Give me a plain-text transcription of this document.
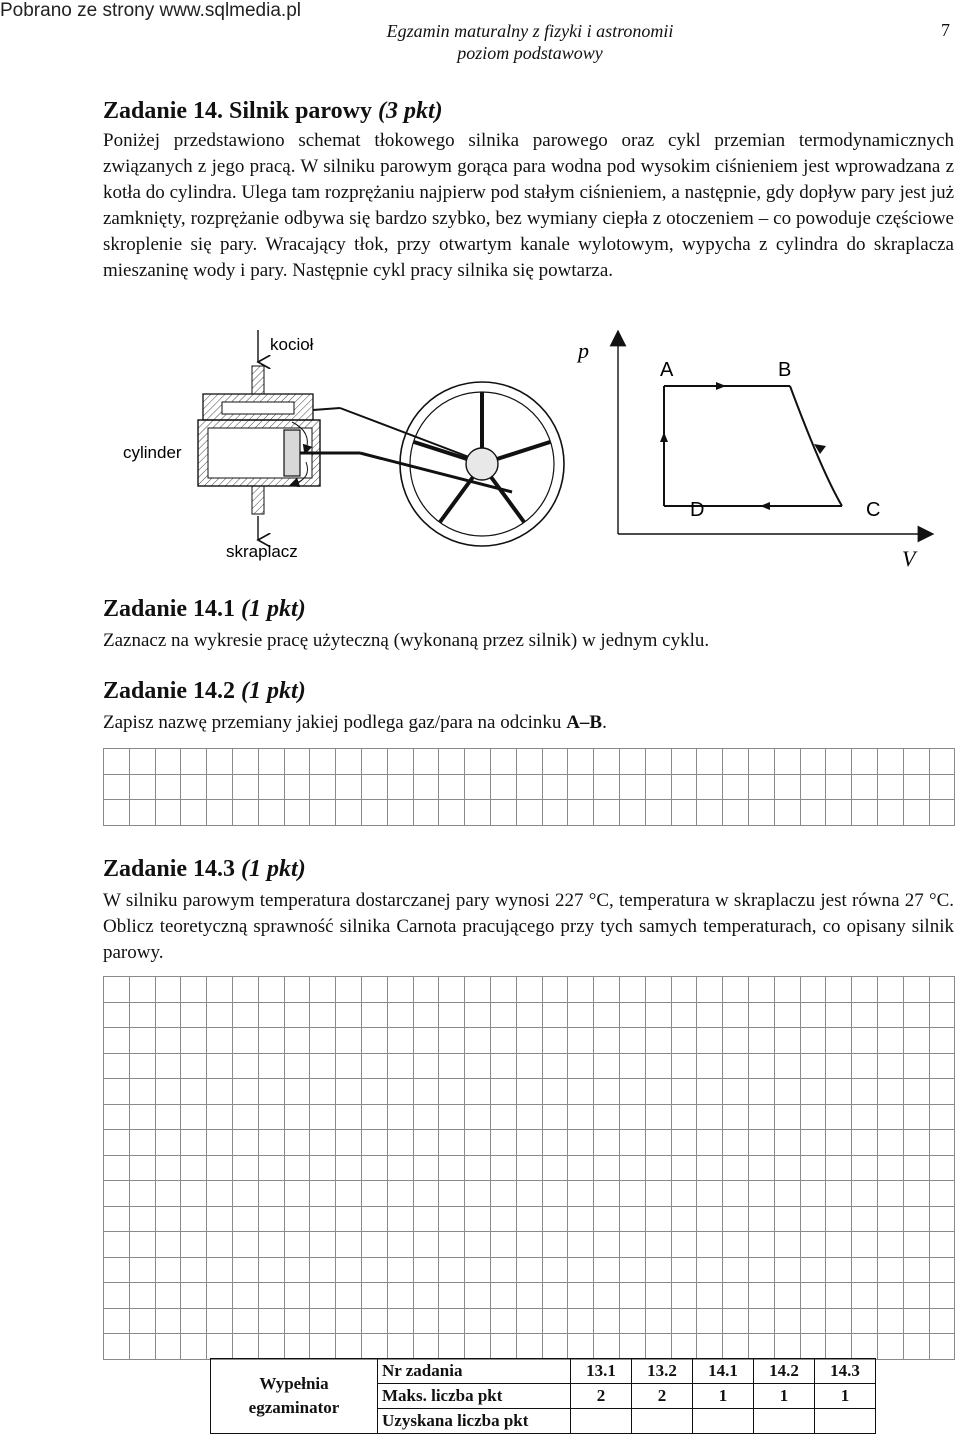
Pobrano ze strony www.sqlmedia.pl
Egzamin maturalny z fizyki i astronomii
poziom podstawowy
7
Zadanie 14. Silnik parowy (3 pkt)

Poniżej przedstawiono schemat tłokowego silnika parowego oraz cykl przemian termodynamicznych związanych z jego pracą. W silniku parowym gorąca para wodna pod wysokim ciśnieniem jest wprowadzana z kotła do cylindra. Ulega tam rozprężaniu najpierw pod stałym ciśnieniem, a następnie, gdy dopływ pary jest już zamknięty, rozprężanie odbywa się bardzo szybko, bez wymiany ciepła z otoczeniem – co powoduje częściowe skroplenie się pary. Wracający tłok, przy otwartym kanale wylotowym, wypycha z cylindra do skraplacza mieszaninę wody i pary. Następnie cykl pracy silnika się powtarza.

kocioł
skraplacz
cylinder
p
V
A	B
C
D
Zadanie 14.1 (1 pkt)

Zaznacz na wykresie pracę użyteczną (wykonaną przez silnik) w jednym cyklu.

Zadanie 14.2 (1 pkt)

Zapisz nazwę przemiany jakiej podlega gaz/para na odcinku A–B.

Zadanie 14.3 (1 pkt)

W silniku parowym temperatura dostarczanej pary wynosi 227 °C, temperatura w skraplaczu jest równa 27 °C. Oblicz teoretyczną sprawność silnika Carnota pracującego przy tych samych temperaturach, co opisany silnik parowy.

Wypełnia
egzaminator	Nr zadania	13.1	13.2	14.1	14.2	14.3
	Maks. liczba pkt	2	2	1	1	1
	Uzyskana liczba pkt					
